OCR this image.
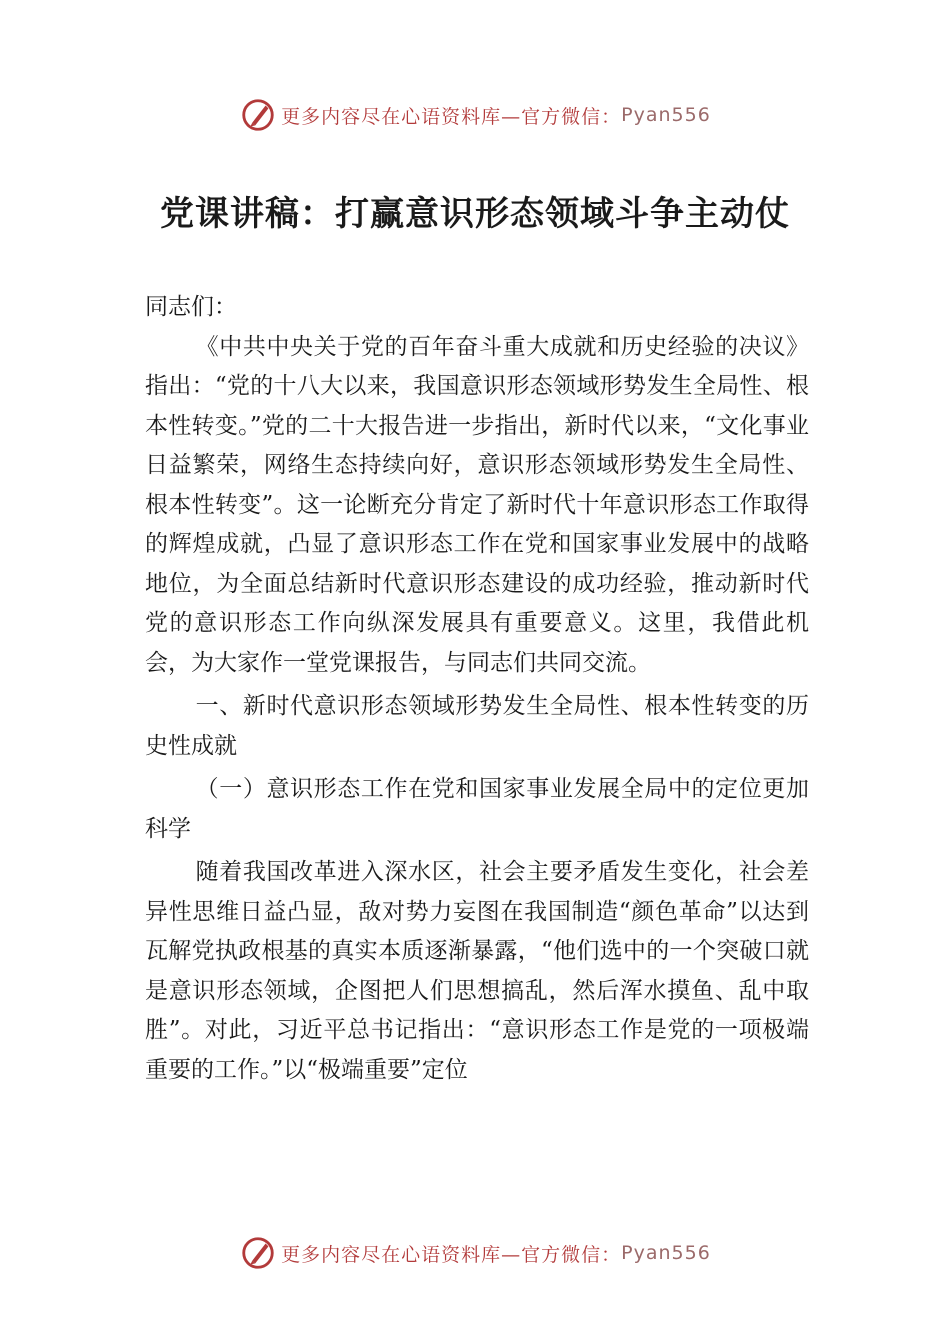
更多内容尽在心语资料库—官方微信： Pyan556
党课讲稿：打赢意识形态领域斗争主动仗

同志们：

《中共中央关于党的百年奋斗重大成就和历史经验的决议》指出：“党的十八大以来，我国意识形态领域形势发生全局性、根本性转变。”党的二十大报告进一步指出，新时代以来，“文化事业日益繁荣，网络生态持续向好，意识形态领域形势发生全局性、根本性转变”。这一论断充分肯定了新时代十年意识形态工作取得的辉煌成就，凸显了意识形态工作在党和国家事业发展中的战略地位，为全面总结新时代意识形态建设的成功经验，推动新时代党的意识形态工作向纵深发展具有重要意义。这里，我借此机会，为大家作一堂党课报告，与同志们共同交流。

一、新时代意识形态领域形势发生全局性、根本性转变的历史性成就

（一）意识形态工作在党和国家事业发展全局中的定位更加科学

随着我国改革进入深水区，社会主要矛盾发生变化，社会差异性思维日益凸显，敌对势力妄图在我国制造“颜色革命”以达到瓦解党执政根基的真实本质逐渐暴露，“他们选中的一个突破口就是意识形态领域，企图把人们思想搞乱，然后浑水摸鱼、乱中取胜”。对此，习近平总书记指出：“意识形态工作是党的一项极端重要的工作。”以“极端重要”定位

更多内容尽在心语资料库—官方微信： Pyan556
